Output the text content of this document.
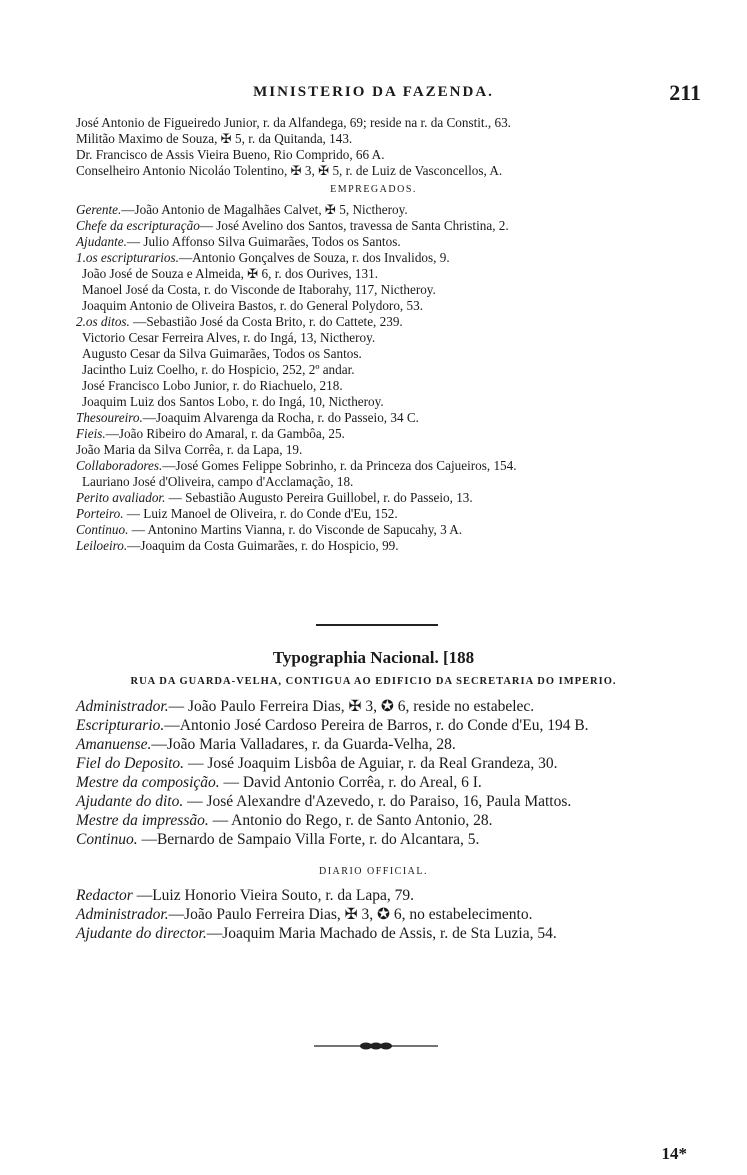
MINISTERIO DA FAZENDA.	211
José Antonio de Figueiredo Junior, r. da Alfandega, 69; reside na r. da Constit., 63.
Militão Maximo de Souza, ✠ 5, r. da Quitanda, 143.
Dr. Francisco de Assis Vieira Bueno, Rio Comprido, 66 A.
Conselheiro Antonio Nicoláo Tolentino, ✠ 3, ✠ 5, r. de Luiz de Vasconcellos, A.
EMPREGADOS.
Gerente.—João Antonio de Magalhães Calvet, ✠ 5, Nictheroy.
Chefe da escripturação— José Avelino dos Santos, travessa de Santa Christina, 2.
Ajudante.— Julio Affonso Silva Guimarães, Todos os Santos.
1.os escripturarios.—Antonio Gonçalves de Souza, r. dos Invalidos, 9.
João José de Souza e Almeida, ✠ 6, r. dos Ourives, 131.
Manoel José da Costa, r. do Visconde de Itaborahy, 117, Nictheroy.
Joaquim Antonio de Oliveira Bastos, r. do General Polydoro, 53.
2.os ditos. —Sebastião José da Costa Brito, r. do Cattete, 239.
Victorio Cesar Ferreira Alves, r. do Ingá, 13, Nictheroy.
Augusto Cesar da Silva Guimarães, Todos os Santos.
Jacintho Luiz Coelho, r. do Hospicio, 252, 2º andar.
José Francisco Lobo Junior, r. do Riachuelo, 218.
Joaquim Luiz dos Santos Lobo, r. do Ingá, 10, Nictheroy.
Thesoureiro.—Joaquim Alvarenga da Rocha, r. do Passeio, 34 C.
Fieis.—João Ribeiro do Amaral, r. da Gambôa, 25.
João Maria da Silva Corrêa, r. da Lapa, 19.
Collaboradores.—José Gomes Felippe Sobrinho, r. da Princeza dos Cajueiros, 154.
Lauriano José d'Oliveira, campo d'Acclamação, 18.
Perito avaliador. — Sebastião Augusto Pereira Guillobel, r. do Passeio, 13.
Porteiro. — Luiz Manoel de Oliveira, r. do Conde d'Eu, 152.
Continuo. — Antonino Martins Vianna, r. do Visconde de Sapucahy, 3 A.
Leiloeiro.—Joaquim da Costa Guimarães, r. do Hospicio, 99.
Typographia Nacional. [188
RUA DA GUARDA-VELHA, CONTIGUA AO EDIFICIO DA SECRETARIA DO IMPERIO.
Administrador.— João Paulo Ferreira Dias, ✠ 3, ✪ 6, reside no estabelec.
Escripturario.—Antonio José Cardoso Pereira de Barros, r. do Conde d'Eu, 194 B.
Amanuense.—João Maria Valladares, r. da Guarda-Velha, 28.
Fiel do Deposito. — José Joaquim Lisbôa de Aguiar, r. da Real Grandeza, 30.
Mestre da composição. — David Antonio Corrêa, r. do Areal, 6 I.
Ajudante do dito. — José Alexandre d'Azevedo, r. do Paraiso, 16, Paula Mattos.
Mestre da impressão. — Antonio do Rego, r. de Santo Antonio, 28.
Continuo. —Bernardo de Sampaio Villa Forte, r. do Alcantara, 5.
DIARIO OFFICIAL.
Redactor —Luiz Honorio Vieira Souto, r. da Lapa, 79.
Administrador.—João Paulo Ferreira Dias, ✠ 3, ✪ 6, no estabelecimento.
Ajudante do director.—Joaquim Maria Machado de Assis, r. de Sta Luzia, 54.
14*
